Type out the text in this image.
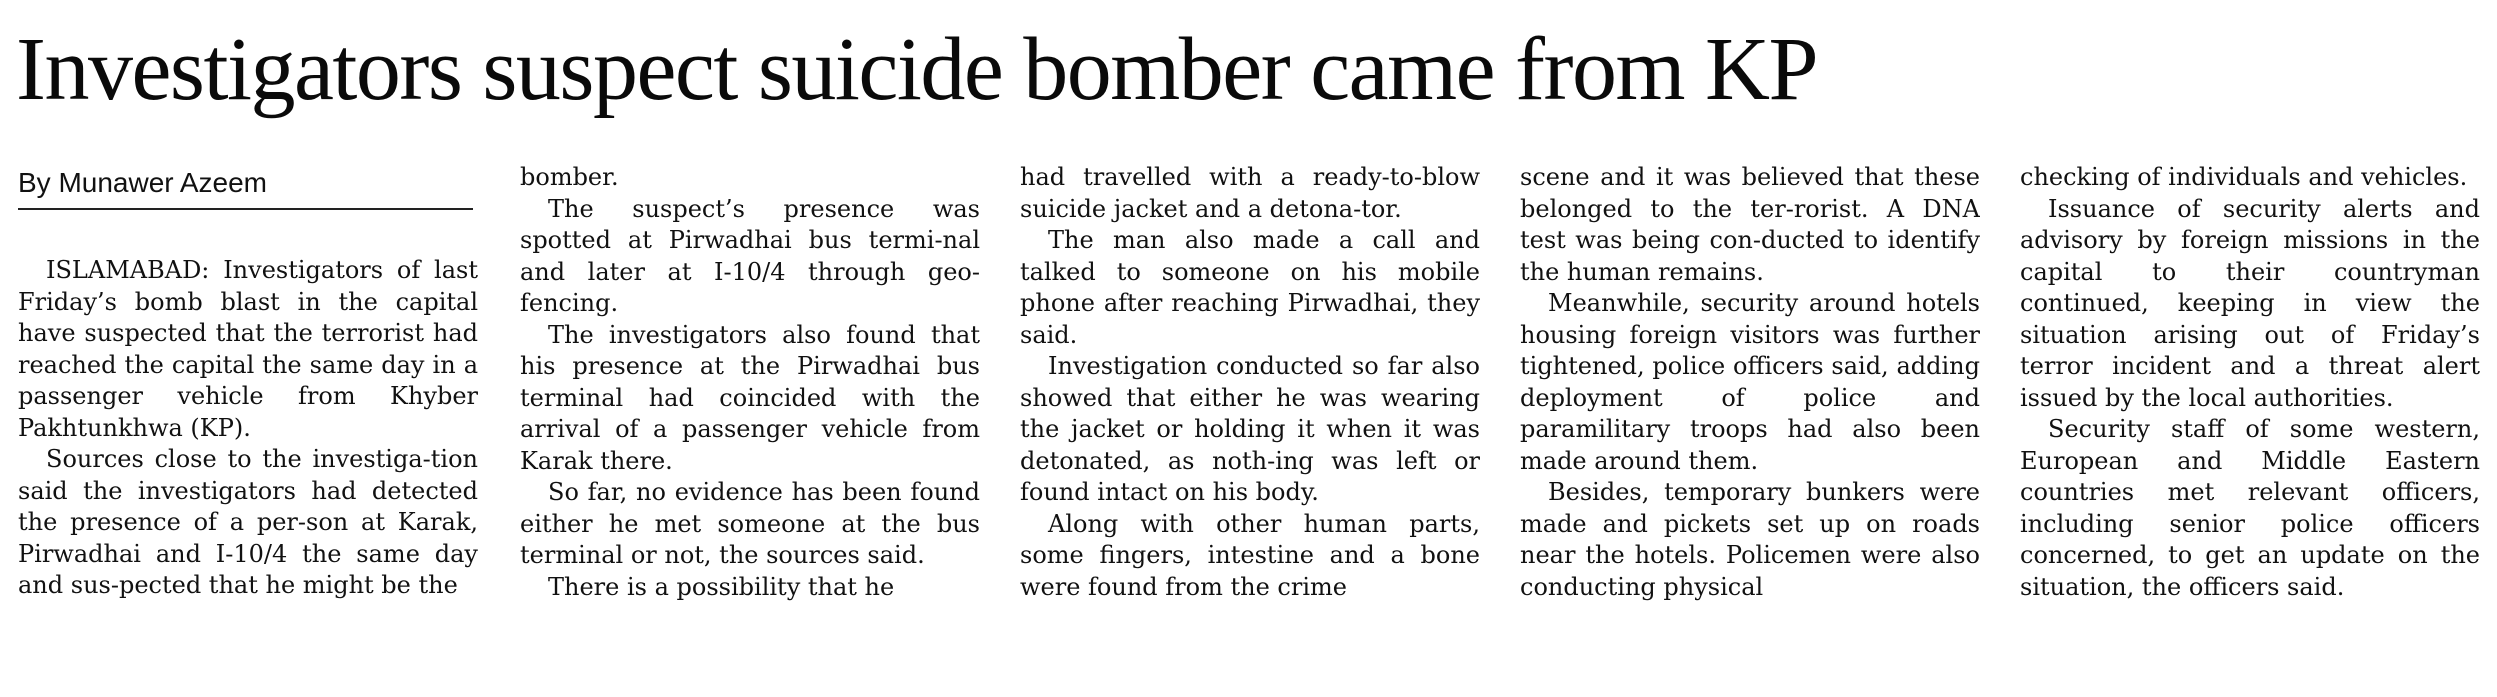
Investigators suspect suicide bomber came from KP
By Munawer Azeem

ISLAMABAD: Investigators of last Friday’s bomb blast in the capital have suspected that the terrorist had reached the capital the same day in a passenger vehicle from Khyber Pakhtunkhwa (KP).

Sources close to the investiga-tion said the investigators had detected the presence of a per-son at Karak, Pirwadhai and I-10/4 the same day and sus-pected that he might be the

bomber.

The suspect’s presence was spotted at Pirwadhai bus termi-nal and later at I-10/4 through geo-fencing.

The investigators also found that his presence at the Pirwadhai bus terminal had coincided with the arrival of a passenger vehicle from Karak there.

So far, no evidence has been found either he met someone at the bus terminal or not, the sources said.

There is a possibility that he

had travelled with a ready-to-blow suicide jacket and a detona-tor.

The man also made a call and talked to someone on his mobile phone after reaching Pirwadhai, they said.

Investigation conducted so far also showed that either he was wearing the jacket or holding it when it was detonated, as noth-ing was left or found intact on his body.

Along with other human parts, some fingers, intestine and a bone were found from the crime

scene and it was believed that these belonged to the ter-rorist. A DNA test was being con-ducted to identify the human remains.

Meanwhile, security around hotels housing foreign visitors was further tightened, police officers said, adding deployment of police and paramilitary troops had also been made around them.

Besides, temporary bunkers were made and pickets set up on roads near the hotels. Policemen were also conducting physical

checking of individuals and vehicles.

Issuance of security alerts and advisory by foreign missions in the capital to their countryman continued, keeping in view the situation arising out of Friday’s terror incident and a threat alert issued by the local authorities.

Security staff of some western, European and Middle Eastern countries met relevant officers, including senior police officers concerned, to get an update on the situation, the officers said.
